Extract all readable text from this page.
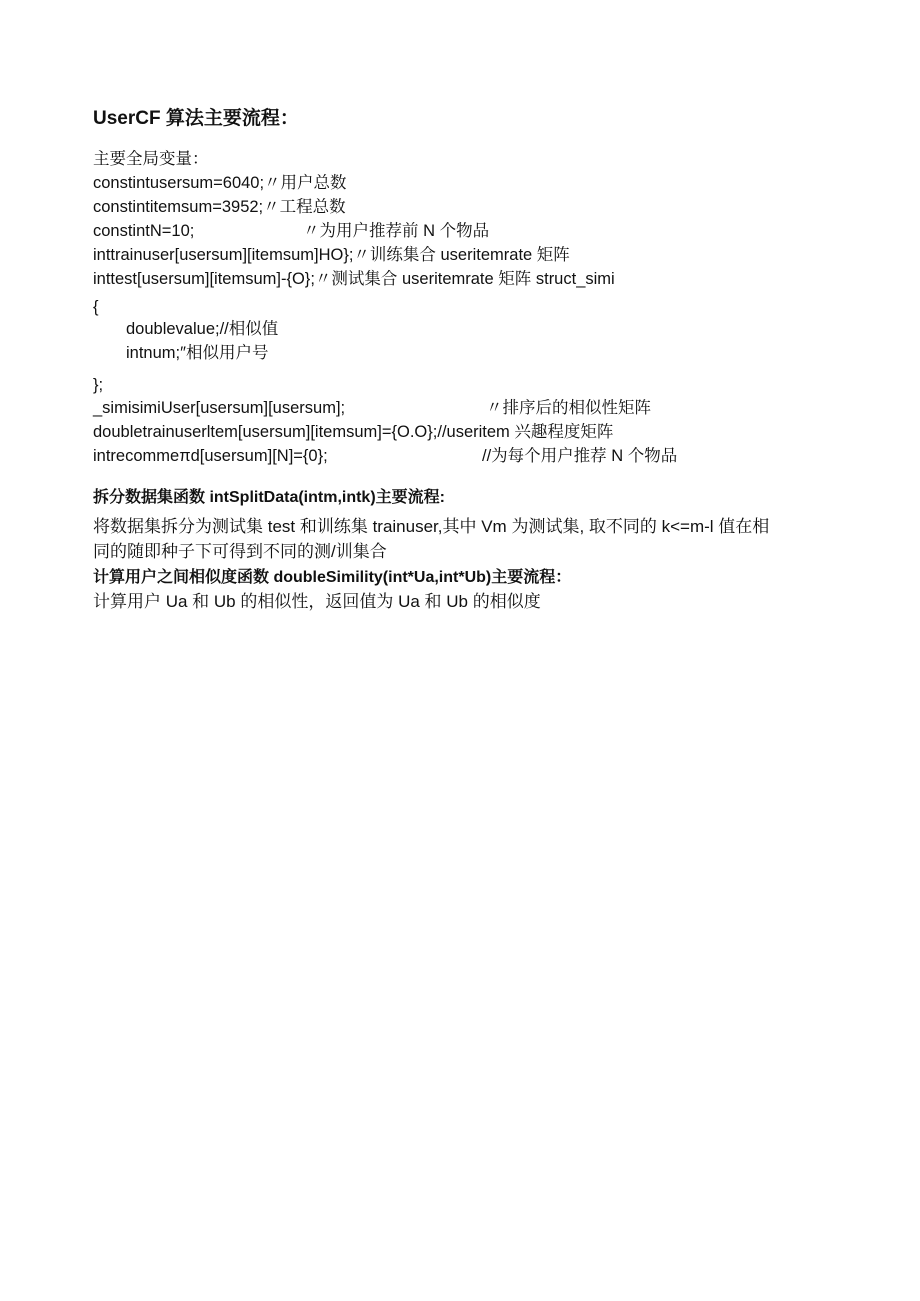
UserCF 算法主要流程：
主要全局变量：
constintusersum=6040;〃用户总数
constintitemsum=3952;〃工程总数
constintN=10;	〃为用户推荐前 N 个物品
inttrainuser[usersum][itemsum]HO};〃训练集合 useritemrate 矩阵
inttest[usersum][itemsum]-{O};〃测试集合 useritemrate 矩阵 struct_simi
{
doublevalue;//相似值
intnum;″相似用户号
};
_simisimiUser[usersum][usersum];	〃排序后的相似性矩阵
doubletrainuserltem[usersum][itemsum]={O.O};//useritem 兴趣程度矩阵
intrecommeπd[usersum][N]={0};	//为每个用户推荐 N 个物品
拆分数据集函数 intSplitData(intm,intk)主要流程:
将数据集拆分为测试集 test 和训练集 trainuser,其中 Vm 为测试集, 取不同的 k<=m-l 值在相
同的随即种子下可得到不同的测/训集合
计算用户之间相似度函数 doubleSimility(int*Ua,int*Ub)主要流程：
计算用户 Ua 和 Ub 的相似性，返回值为 Ua 和 Ub 的相似度
